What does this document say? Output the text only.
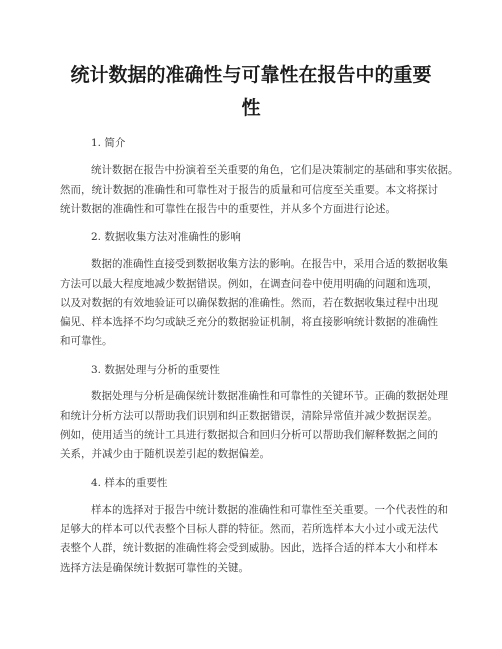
统计数据的准确性与可靠性在报告中的重要
性

1. 简介

统计数据在报告中扮演着至关重要的角色，它们是决策制定的基础和事实依据。

然而，统计数据的准确性和可靠性对于报告的质量和可信度至关重要。本文将探讨

统计数据的准确性和可靠性在报告中的重要性，并从多个方面进行论述。

2. 数据收集方法对准确性的影响

数据的准确性直接受到数据收集方法的影响。在报告中，采用合适的数据收集

方法可以最大程度地减少数据错误。例如，在调查问卷中使用明确的问题和选项，

以及对数据的有效地验证可以确保数据的准确性。然而，若在数据收集过程中出现

偏见、样本选择不均匀或缺乏充分的数据验证机制，将直接影响统计数据的准确性

和可靠性。

3. 数据处理与分析的重要性

数据处理与分析是确保统计数据准确性和可靠性的关键环节。正确的数据处理

和统计分析方法可以帮助我们识别和纠正数据错误，清除异常值并减少数据误差。

例如，使用适当的统计工具进行数据拟合和回归分析可以帮助我们解释数据之间的

关系，并减少由于随机误差引起的数据偏差。

4. 样本的重要性

样本的选择对于报告中统计数据的准确性和可靠性至关重要。一个代表性的和

足够大的样本可以代表整个目标人群的特征。然而，若所选样本大小过小或无法代

表整个人群，统计数据的准确性将会受到威胁。因此，选择合适的样本大小和样本

选择方法是确保统计数据可靠性的关键。
